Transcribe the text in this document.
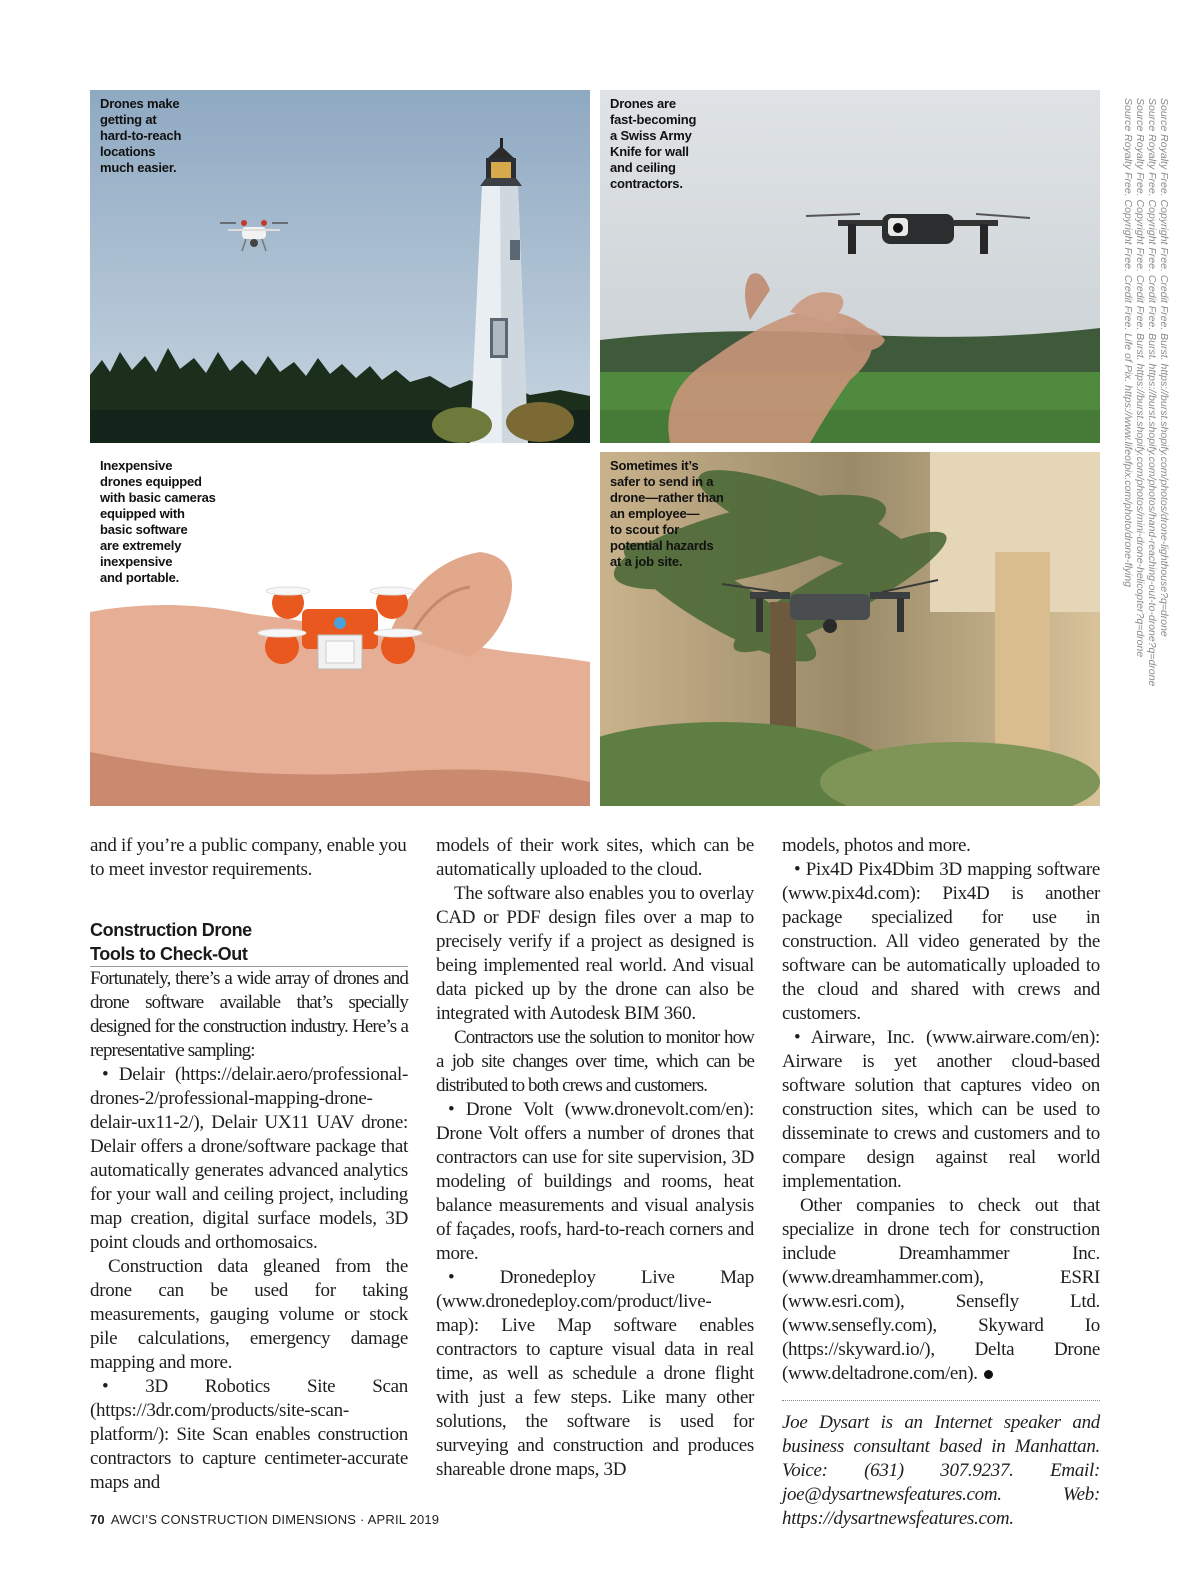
Drones make
getting at
hard-to-reach
locations
much easier.
Drones are
fast-becoming
a Swiss Army
Knife for wall
and ceiling
contractors.
Inexpensive
drones equipped
with basic cameras
equipped with
basic software
are extremely
inexpensive
and portable.
Sometimes it’s
safer to send in a
drone—rather than
an employee—
to scout for
potential hazards
at a job site.	Source Royalty Free. Copyright Free. Credit Free. Burst. https://burst.shopify.com/photos/drone-lighthouse?q=drone
Source Royalty Free. Copyright Free. Credit Free. Burst. https://burst.shopify.com/photos/hand-reaching-out-to-drone?q=drone
Source Royalty Free. Copyright Free. Credit Free. Burst. https://burst.shopify.com/photos/mini-drone-helicopter?q=drone
Source Royalty Free. Copyright Free. Credit Free. Life of Pix. https://www.lifeofpix.com/photo/drone-flying

and if you’re a public company, enable you to meet investor requirements.

Construction Drone
Tools to Check-Out

Fortunately, there’s a wide array of drones and drone software available that’s specially designed for the construction industry. Here’s a representative sampling:

• Delair (https://delair.aero/professional-drones-2/professional-mapping-drone-delair-ux11-2/), Delair UX11 UAV drone: Delair offers a drone/software package that automatically generates advanced analytics for your wall and ceiling project, including map creation, digital surface models, 3D point clouds and orthomosaics.

Construction data gleaned from the drone can be used for taking measurements, gauging volume or stock pile calculations, emergency damage mapping and more.

• 3D Robotics Site Scan (https://3dr.com/products/site-scan-platform/): Site Scan enables construction contractors to capture centimeter-accurate maps and

models of their work sites, which can be automatically uploaded to the cloud.

The software also enables you to overlay CAD or PDF design files over a map to precisely verify if a project as designed is being implemented real world. And visual data picked up by the drone can also be integrated with Autodesk BIM 360.

Contractors use the solution to monitor how a job site changes over time, which can be distributed to both crews and customers.

• Drone Volt (www.dronevolt.com/en): Drone Volt offers a number of drones that contractors can use for site supervision, 3D modeling of buildings and rooms, heat balance measurements and visual analysis of façades, roofs, hard-to-reach corners and more.

• Dronedeploy Live Map (www.dronedeploy.com/product/live-map): Live Map software enables contractors to capture visual data in real time, as well as schedule a drone flight with just a few steps. Like many other solutions, the software is used for surveying and construction and produces shareable drone maps, 3D

models, photos and more.

• Pix4D Pix4Dbim 3D mapping software (www.pix4d.com): Pix4D is another package specialized for use in construction. All video generated by the software can be automatically uploaded to the cloud and shared with crews and customers.

• Airware, Inc. (www.airware.com/en): Airware is yet another cloud-based software solution that captures video on construction sites, which can be used to disseminate to crews and customers and to compare design against real world implementation.

Other companies to check out that specialize in drone tech for construction include Dreamhammer Inc. (www.dreamhammer.com), ESRI (www.esri.com), Sensefly Ltd. (www.sensefly.com), Skyward Io (https://skyward.io/), Delta Drone (www.deltadrone.com/en).

Joe Dysart is an Internet speaker and business consultant based in Manhattan. Voice: (631) 307.9237. Email: joe@dysartnewsfeatures.com. Web: https://dysartnewsfeatures.com.

70 AWCI’S CONSTRUCTION DIMENSIONS · APRIL 2019
